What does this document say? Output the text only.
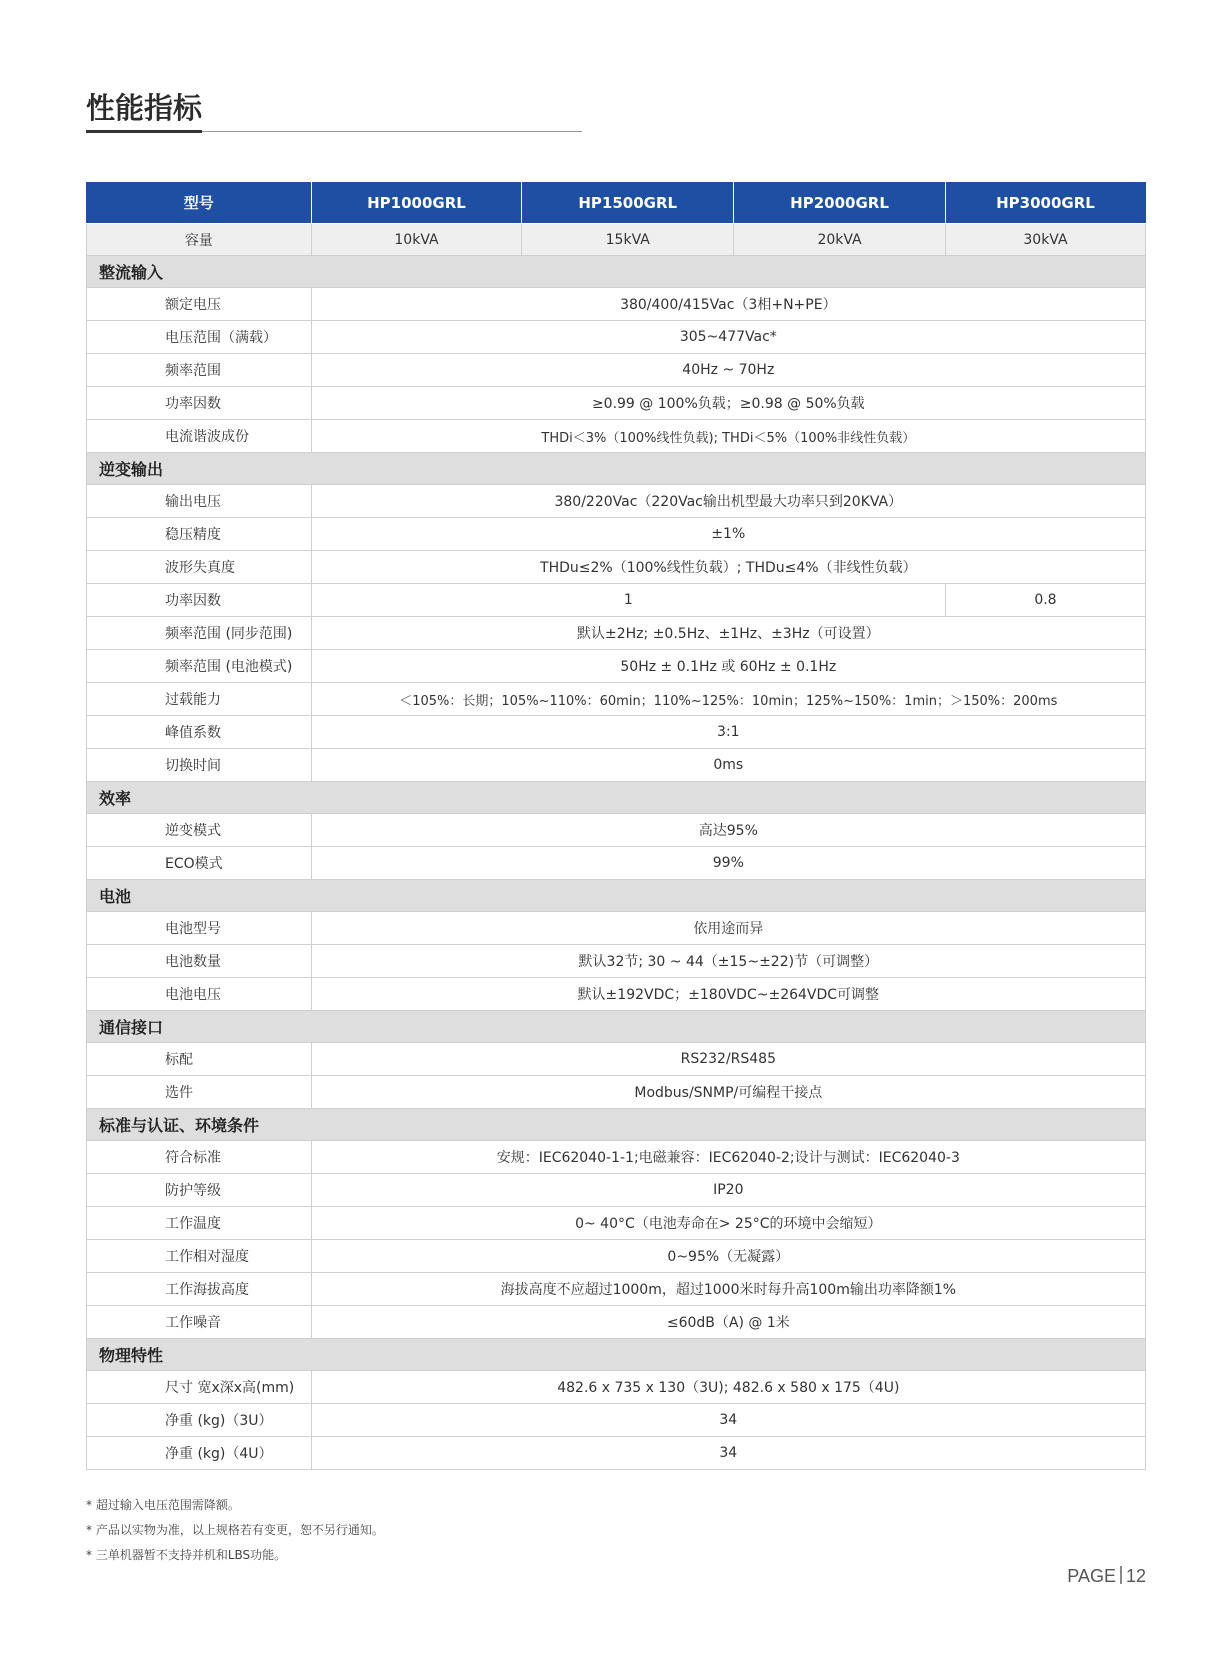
性能指标
型号	HP1000GRL	HP1500GRL	HP2000GRL	HP3000GRL
容量	10kVA	15kVA	20kVA	30kVA
整流输入				
额定电压	380/400/415Vac（3相+N+PE）			
电压范围（满载）	305~477Vac*			
频率范围	40Hz ~ 70Hz			
功率因数	≥0.99 @ 100%负载；≥0.98 @ 50%负载			
电流谐波成份	THDi＜3%（100%线性负载); THDi＜5%（100%非线性负载）			
逆变输出				
输出电压	380/220Vac（220Vac输出机型最大功率只到20KVA）			
稳压精度	±1%			
波形失真度	THDu≤2%（100%线性负载）; THDu≤4%（非线性负载）			
功率因数	1			0.8
频率范围 (同步范围)	默认±2Hz; ±0.5Hz、±1Hz、±3Hz（可设置）			
频率范围 (电池模式)	50Hz ± 0.1Hz 或 60Hz ± 0.1Hz			
过载能力	＜105%：长期；105%~110%：60min；110%~125%：10min；125%~150%：1min；＞150%：200ms			
峰值系数	3:1			
切换时间	0ms			
效率				
逆变模式	高达95%			
ECO模式	99%			
电池				
电池型号	依用途而异			
电池数量	默认32节; 30 ~ 44（±15~±22)节（可调整）			
电池电压	默认±192VDC；±180VDC~±264VDC可调整			
通信接口				
标配	RS232/RS485			
选件	Modbus/SNMP/可编程干接点			
标准与认证、环境条件				
符合标准	安规：IEC62040-1-1;电磁兼容：IEC62040-2;设计与测试：IEC62040-3			
防护等级	IP20			
工作温度	0~ 40°C（电池寿命在> 25°C的环境中会缩短）			
工作相对湿度	0~95%（无凝露）			
工作海拔高度	海拔高度不应超过1000m，超过1000米时每升高100m输出功率降额1%			
工作噪音	≤60dB（A) @ 1米			
物理特性				
尺寸 宽x深x高(mm)	482.6 x 735 x 130（3U); 482.6 x 580 x 175（4U)			
净重 (kg)（3U）	34			
净重 (kg)（4U）	34			
* 超过输入电压范围需降额。
* 产品以实物为准，以上规格若有变更，恕不另行通知。
* 三单机器暂不支持并机和LBS功能。
PAGE 12
